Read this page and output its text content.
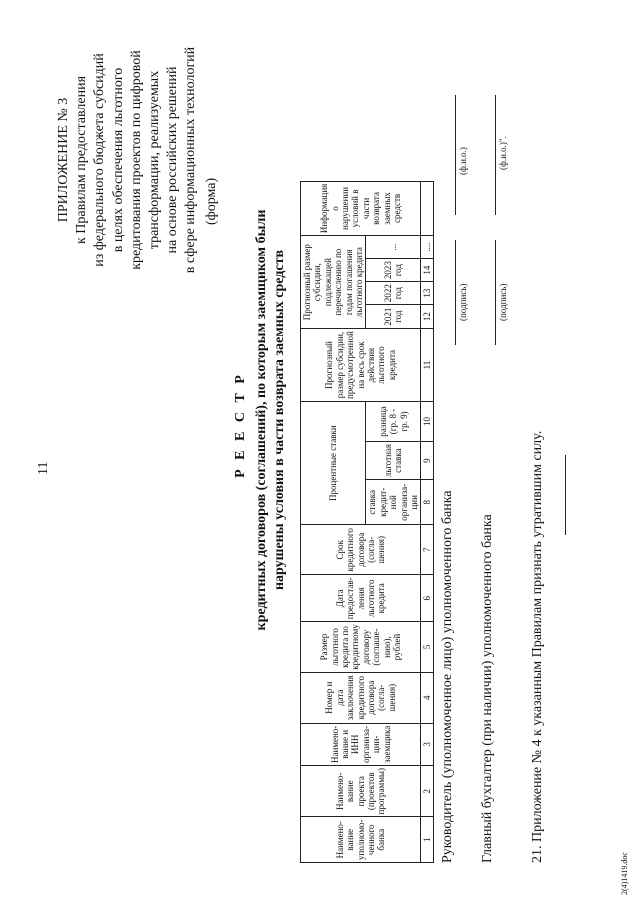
11
ПРИЛОЖЕНИЕ № 3 к Правилам предоставления из федерального бюджета субсидий в целях обеспечения льготного кредитования проектов по цифровой трансформации, реализуемых на основе российских решений в сфере информационных технологий (форма)
Р Е Е С Т Р кредитных договоров (соглашений), по которым заемщиком были нарушены условия в части возврата заемных средств
Наимено-вание уполномо-ченного банка	Наимено-вание проекта (проектов программы)	Наимено-вание и ИНН организа-ции-заемщика	Номер и дата заключения кредитного договора (согла-шения)	Размер льготного кредита по кредитному договору (соглаше-нию), рублей	Дата предостав-ления льготного кредита	Срок кредитного договора (согла-шения)	Процентные ставки			Прогнозный размер субсидии, предусмотренной на весь срок действия льготного кредита	Прогнозный размер субсидии, подлежащей перечислению по годам погашения льготного кредита				Информация о нарушении условий в части возврата заемных средств
							ставка кредит-ной организа-ции	льготная ставка	разница (гр. 8 - гр. 9)		2021 год	2022 год	2023 год	...	

1	2	3	4	5	6	7	8	9	10	11	12	13	14	....	
Руководитель (уполномоченное лицо) уполномоченного банка
(подпись)
(ф.и.о.)
Главный бухгалтер (при наличии) уполномоченного банка
(подпись)
(ф.и.о.)".
21. Приложение № 4 к указанным Правилам признать утратившим силу.
2(4)1419.doc
